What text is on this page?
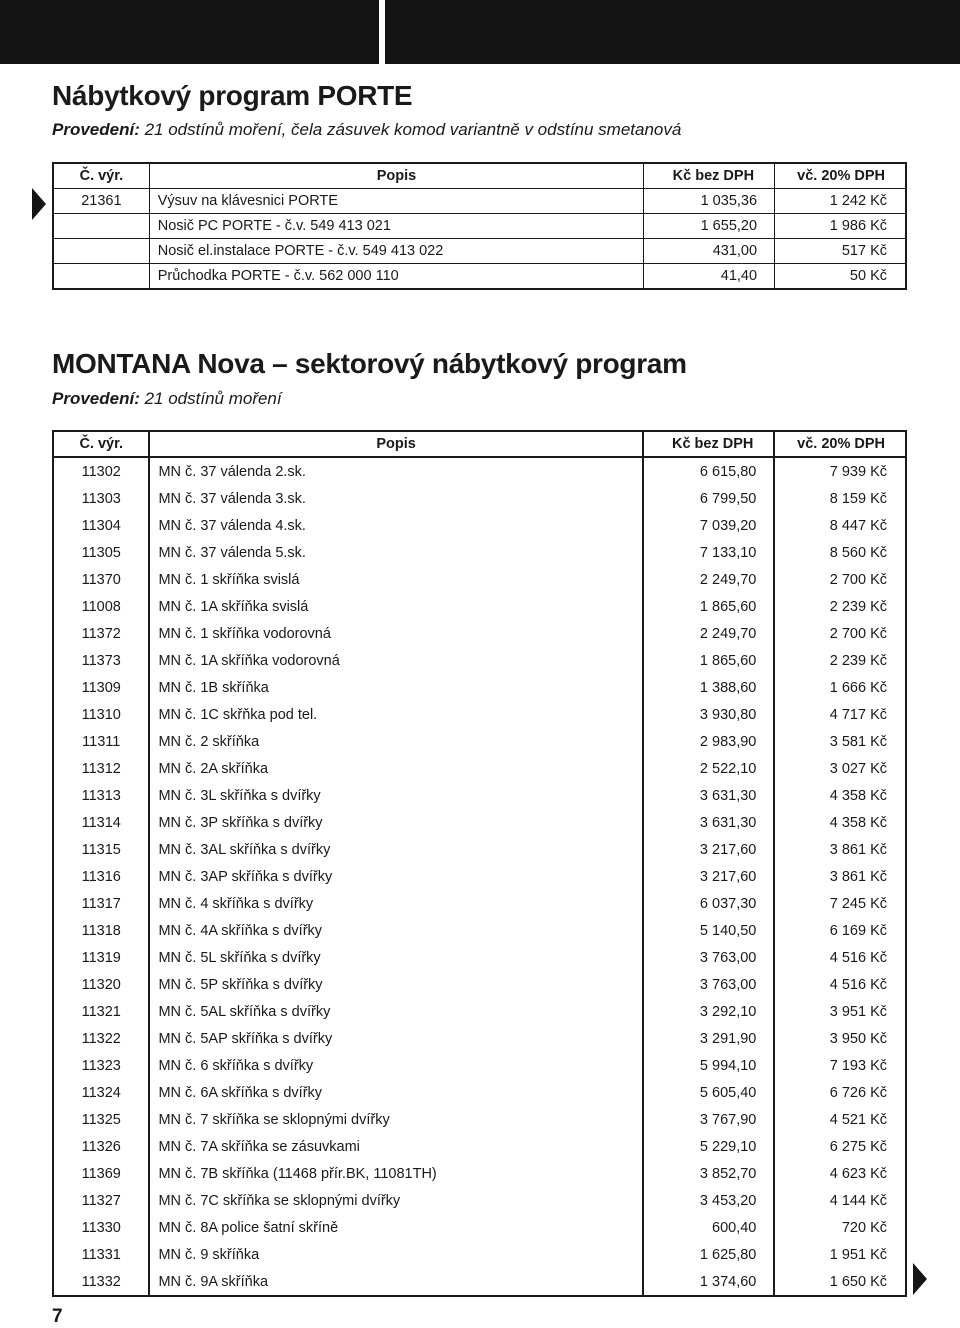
Nábytkový program PORTE

Provedení: 21 odstínů moření, čela zásuvek komod variantně v odstínu smetanová

Č. výr.	Popis	Kč bez DPH	vč. 20% DPH
21361	Výsuv na klávesnici PORTE	1 035,36	1 242 Kč
	Nosič PC PORTE - č.v. 549 413 021	1 655,20	1 986 Kč
	Nosič el.instalace PORTE - č.v. 549 413 022	431,00	517 Kč
	Průchodka PORTE - č.v. 562 000 110	41,40	50 Kč
MONTANA Nova – sektorový nábytkový program

Provedení: 21 odstínů moření

Č. výr.	Popis	Kč bez DPH	vč. 20% DPH
11302	MN č. 37 válenda 2.sk.	6 615,80	7 939 Kč
11303	MN č. 37 válenda 3.sk.	6 799,50	8 159 Kč
11304	MN č. 37 válenda 4.sk.	7 039,20	8 447 Kč
11305	MN č. 37 válenda 5.sk.	7 133,10	8 560 Kč
11370	MN č. 1 skříňka svislá	2 249,70	2 700 Kč
11008	MN č. 1A skříňka svislá	1 865,60	2 239 Kč
11372	MN č. 1 skříňka vodorovná	2 249,70	2 700 Kč
11373	MN č. 1A skříňka vodorovná	1 865,60	2 239 Kč
11309	MN č. 1B skříňka	1 388,60	1 666 Kč
11310	MN č. 1C skřňka pod tel.	3 930,80	4 717 Kč
11311	MN č. 2 skříňka	2 983,90	3 581 Kč
11312	MN č. 2A skříňka	2 522,10	3 027 Kč
11313	MN č. 3L skříňka s dvířky	3 631,30	4 358 Kč
11314	MN č. 3P skříňka s dvířky	3 631,30	4 358 Kč
11315	MN č. 3AL skříňka s dvířky	3 217,60	3 861 Kč
11316	MN č. 3AP skříňka s dvířky	3 217,60	3 861 Kč
11317	MN č. 4 skříňka s dvířky	6 037,30	7 245 Kč
11318	MN č. 4A skříňka s dvířky	5 140,50	6 169 Kč
11319	MN č. 5L skříňka s dvířky	3 763,00	4 516 Kč
11320	MN č. 5P skříňka s dvířky	3 763,00	4 516 Kč
11321	MN č. 5AL skříňka s dvířky	3 292,10	3 951 Kč
11322	MN č. 5AP skříňka s dvířky	3 291,90	3 950 Kč
11323	MN č. 6 skříňka s dvířky	5 994,10	7 193 Kč
11324	MN č. 6A skříňka s dvířky	5 605,40	6 726 Kč
11325	MN č. 7 skříňka se sklopnými dvířky	3 767,90	4 521 Kč
11326	MN č. 7A skříňka se zásuvkami	5 229,10	6 275 Kč
11369	MN č. 7B skříňka (11468 přír.BK, 11081TH)	3 852,70	4 623 Kč
11327	MN č. 7C skříňka se sklopnými dvířky	3 453,20	4 144 Kč
11330	MN č. 8A police šatní skříně	600,40	720 Kč
11331	MN č. 9 skříňka	1 625,80	1 951 Kč
11332	MN č. 9A skříňka	1 374,60	1 650 Kč
7
